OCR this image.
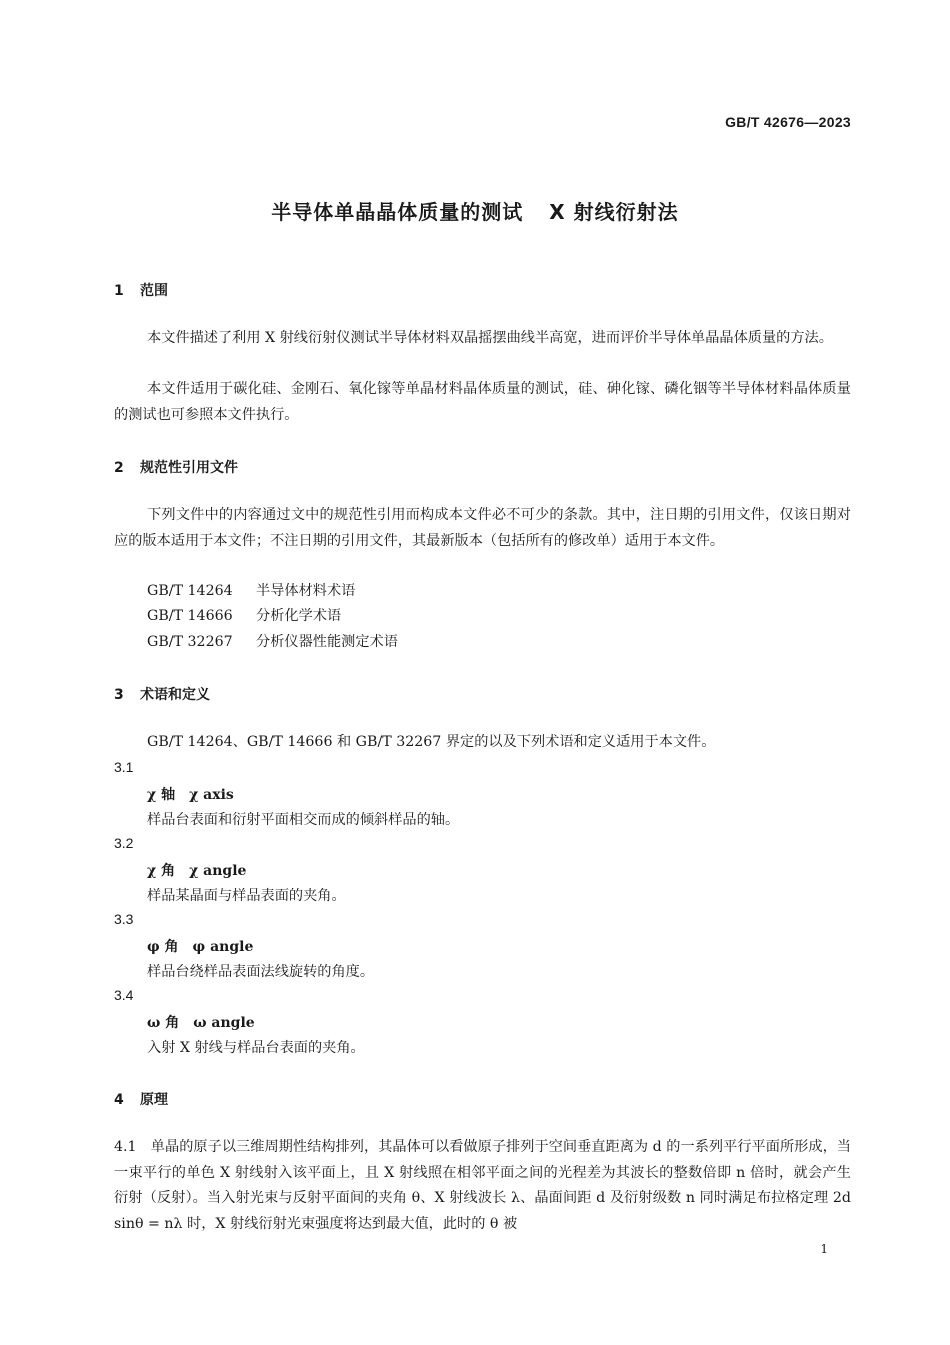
GB/T 42676—2023
半导体单晶晶体质量的测试 X 射线衍射法
1 范围
本文件描述了利用 X 射线衍射仪测试半导体材料双晶摇摆曲线半高宽，进而评价半导体单晶晶体质量的方法。
本文件适用于碳化硅、金刚石、氧化镓等单晶材料晶体质量的测试，硅、砷化镓、磷化铟等半导体材料晶体质量的测试也可参照本文件执行。
2 规范性引用文件
下列文件中的内容通过文中的规范性引用而构成本文件必不可少的条款。其中，注日期的引用文件，仅该日期对应的版本适用于本文件；不注日期的引用文件，其最新版本（包括所有的修改单）适用于本文件。
GB/T 14264 半导体材料术语
GB/T 14666 分析化学术语
GB/T 32267 分析仪器性能测定术语
3 术语和定义
GB/T 14264、GB/T 14666 和 GB/T 32267 界定的以及下列术语和定义适用于本文件。
3.1
χ 轴 χ axis
样品台表面和衍射平面相交而成的倾斜样品的轴。
3.2
χ 角 χ angle
样品某晶面与样品表面的夹角。
3.3
φ 角 φ angle
样品台绕样品表面法线旋转的角度。
3.4
ω 角 ω angle
入射 X 射线与样品台表面的夹角。
4 原理
4.1　单晶的原子以三维周期性结构排列，其晶体可以看做原子排列于空间垂直距离为 d 的一系列平行平面所形成，当一束平行的单色 X 射线射入该平面上，且 X 射线照在相邻平面之间的光程差为其波长的整数倍即 n 倍时，就会产生衍射（反射）。当入射光束与反射平面间的夹角 θ、X 射线波长 λ、晶面间距 d 及衍射级数 n 同时满足布拉格定理 2d sinθ = nλ 时，X 射线衍射光束强度将达到最大值，此时的 θ 被
1
